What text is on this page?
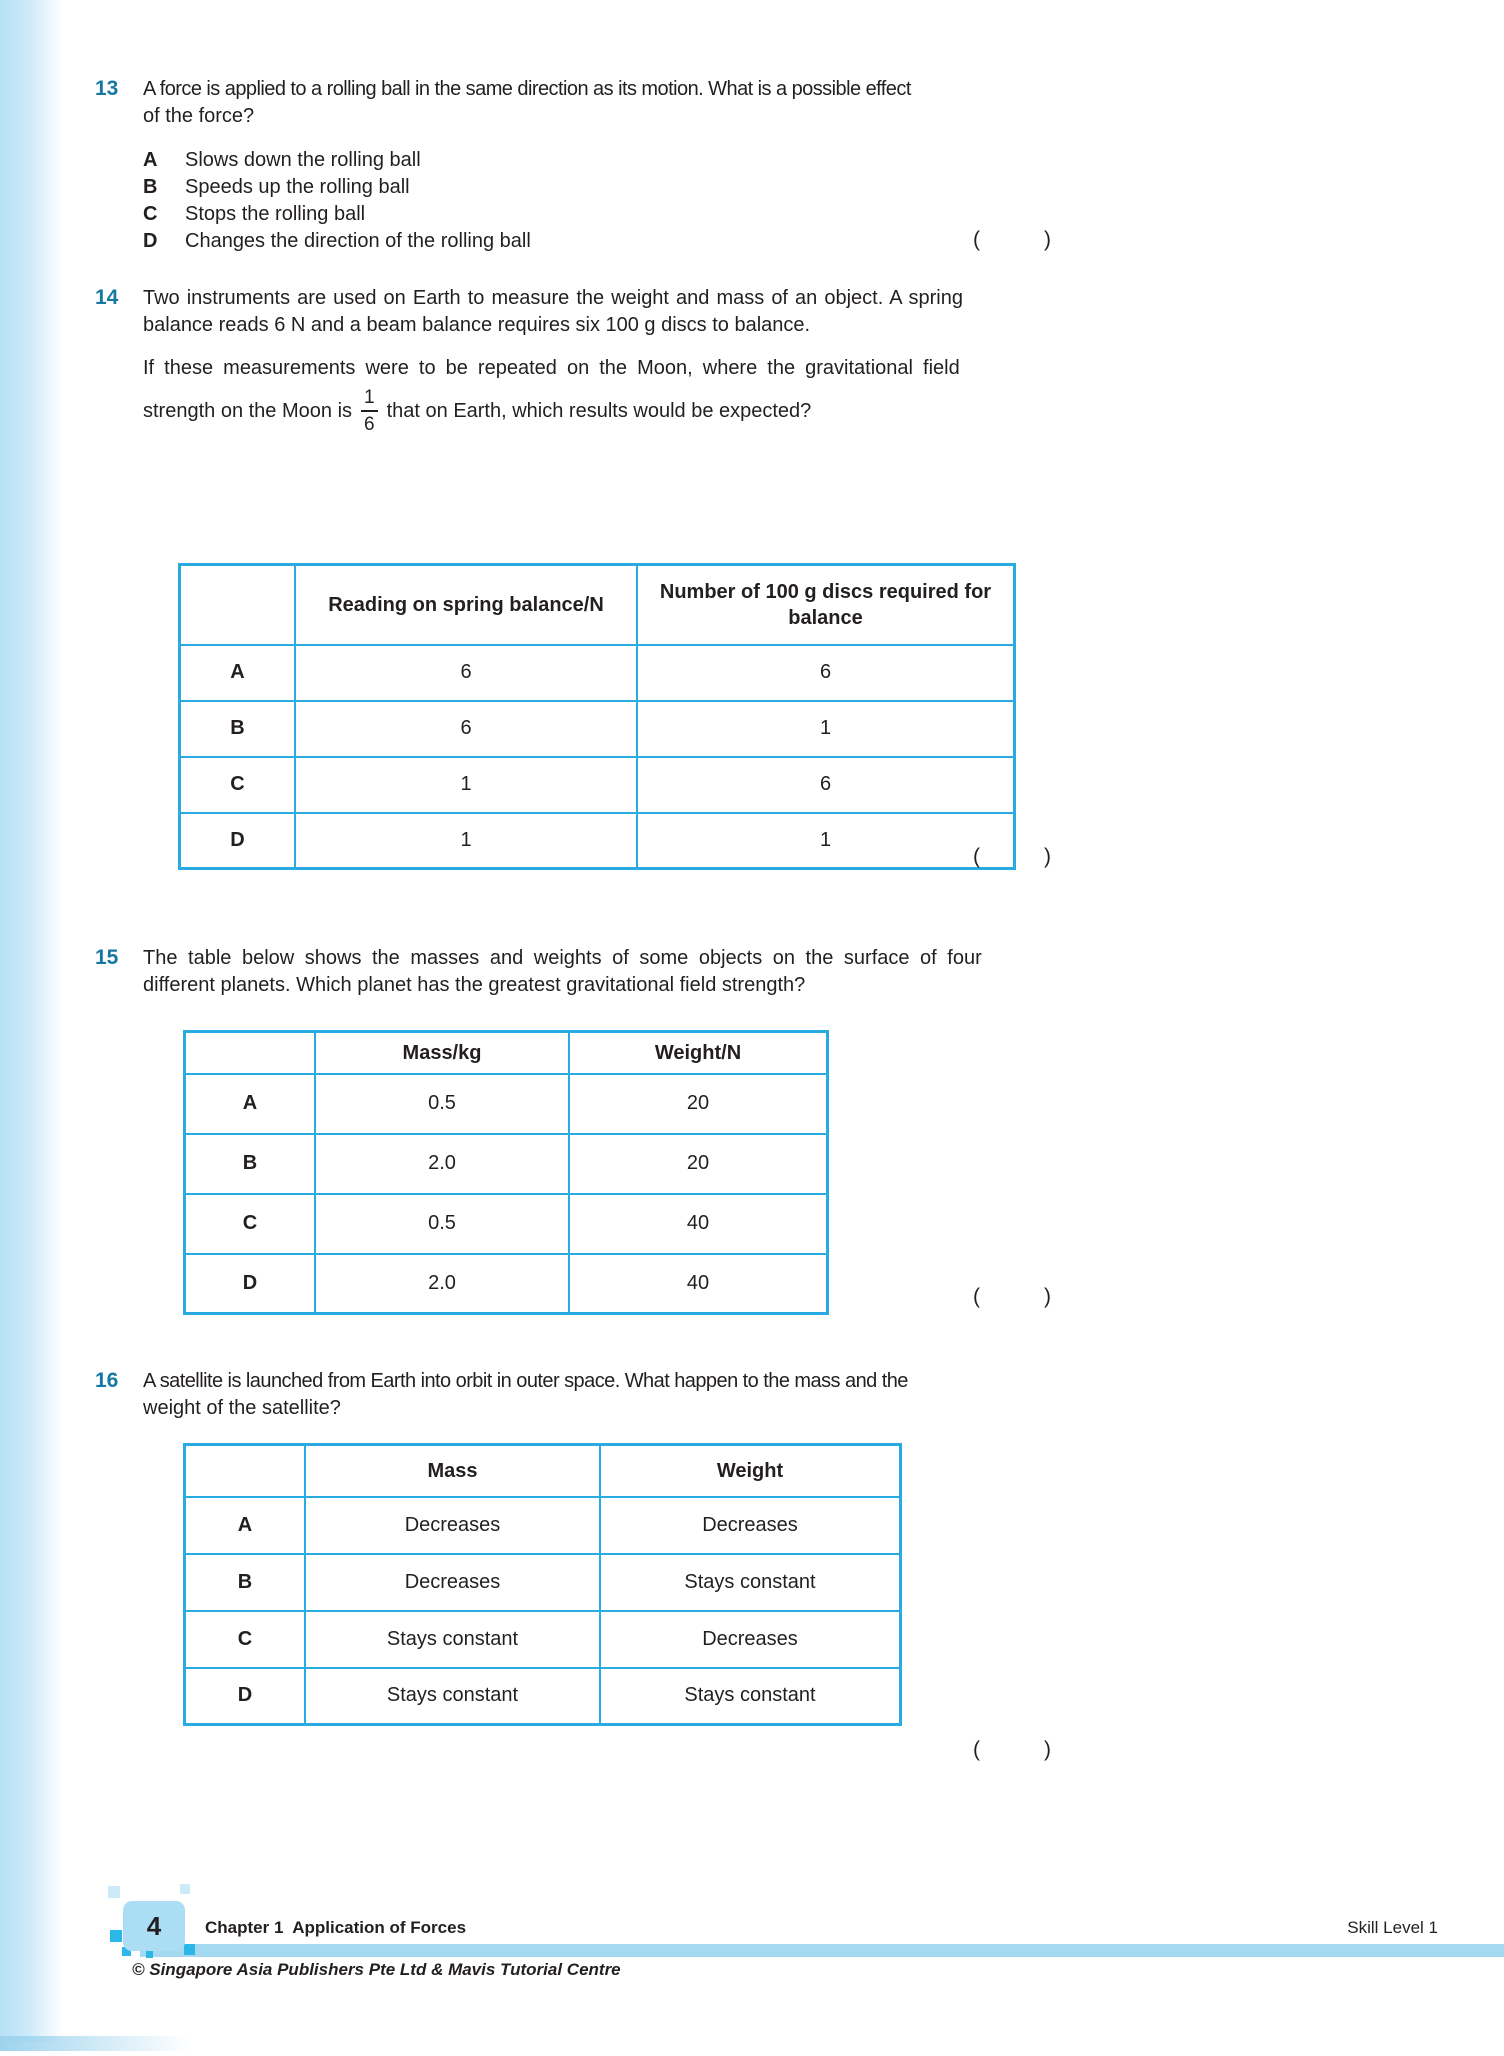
13 A force is applied to a rolling ball in the same direction as its motion. What is a possible effect
of the force?
A	Slows down the rolling ball
B	Speeds up the rolling ball
C	Stops the rolling ball
D	Changes the direction of the rolling ball	(	)
14 Two instruments are used on Earth to measure the weight and mass of an object. A spring
balance reads 6 N and a beam balance requires six 100 g discs to balance.
If these measurements were to be repeated on the Moon, where the gravitational field
strength on the Moon is $\frac{1}{6}$ that on Earth, which results would be expected?
	Reading on spring balance/N	Number of 100 g discs required for balance
A	6	6
B	6	1
C	1	6
D	1	1
(	)
15 The table below shows the masses and weights of some objects on the surface of four
different planets. Which planet has the greatest gravitational field strength?
	Mass/kg	Weight/N
A	0.5	20
B	2.0	20
C	0.5	40
D	2.0	40
(	)
16 A satellite is launched from Earth into orbit in outer space. What happen to the mass and the
weight of the satellite?
	Mass	Weight
A	Decreases	Decreases
B	Decreases	Stays constant
C	Stays constant	Decreases
D	Stays constant	Stays constant
(	)
4	Chapter 1  Application of Forces	Skill Level 1
© Singapore Asia Publishers Pte Ltd & Mavis Tutorial Centre
